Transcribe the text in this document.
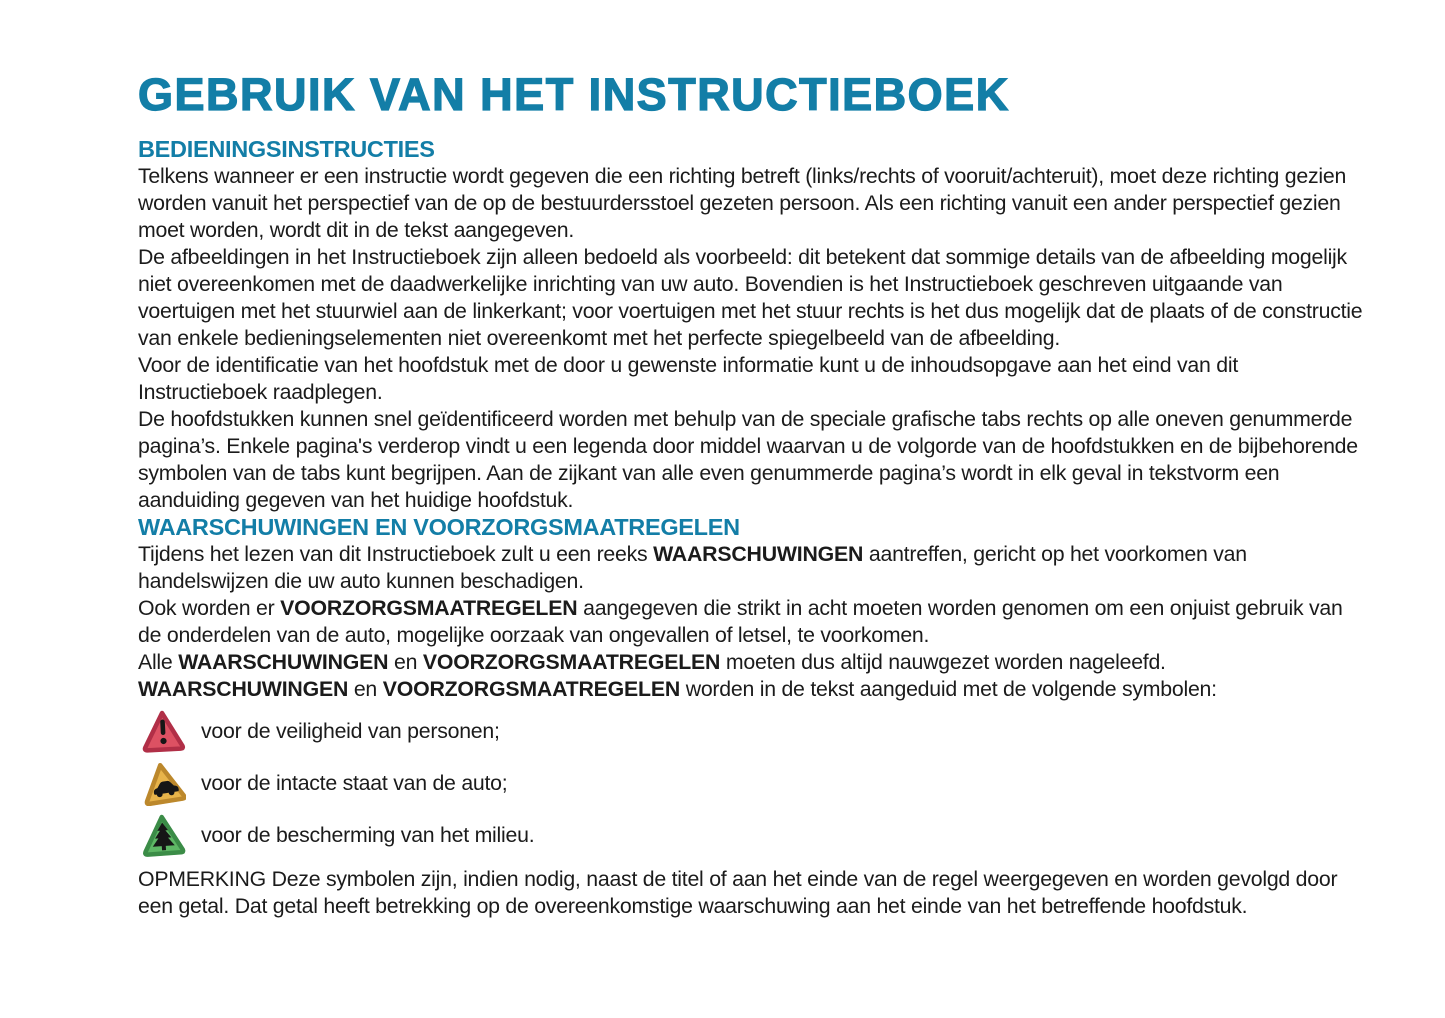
GEBRUIK VAN HET INSTRUCTIEBOEK
BEDIENINGSINSTRUCTIES

Telkens wanneer er een instructie wordt gegeven die een richting betreft (links/rechts of vooruit/achteruit), moet deze richting gezien worden vanuit het perspectief van de op de bestuurdersstoel gezeten persoon. Als een richting vanuit een ander perspectief gezien moet worden, wordt dit in de tekst aangegeven.

De afbeeldingen in het Instructieboek zijn alleen bedoeld als voorbeeld: dit betekent dat sommige details van de afbeelding mogelijk niet overeenkomen met de daadwerkelijke inrichting van uw auto. Bovendien is het Instructieboek geschreven uitgaande van voertuigen met het stuurwiel aan de linkerkant; voor voertuigen met het stuur rechts is het dus mogelijk dat de plaats of de constructie van enkele bedieningselementen niet overeenkomt met het perfecte spiegelbeeld van de afbeelding.

Voor de identificatie van het hoofdstuk met de door u gewenste informatie kunt u de inhoudsopgave aan het eind van dit Instructieboek raadplegen.

De hoofdstukken kunnen snel geïdentificeerd worden met behulp van de speciale grafische tabs rechts op alle oneven genummerde pagina’s. Enkele pagina's verderop vindt u een legenda door middel waarvan u de volgorde van de hoofdstukken en de bijbehorende symbolen van de tabs kunt begrijpen. Aan de zijkant van alle even genummerde pagina’s wordt in elk geval in tekstvorm een aanduiding gegeven van het huidige hoofdstuk.

WAARSCHUWINGEN EN VOORZORGSMAATREGELEN

Tijdens het lezen van dit Instructieboek zult u een reeks WAARSCHUWINGEN aantreffen, gericht op het voorkomen van handelswijzen die uw auto kunnen beschadigen.

Ook worden er VOORZORGSMAATREGELEN aangegeven die strikt in acht moeten worden genomen om een onjuist gebruik van de onderdelen van de auto, mogelijke oorzaak van ongevallen of letsel, te voorkomen.

Alle WAARSCHUWINGEN en VOORZORGSMAATREGELEN moeten dus altijd nauwgezet worden nageleefd.

WAARSCHUWINGEN en VOORZORGSMAATREGELEN worden in de tekst aangeduid met de volgende symbolen:

voor de veiligheid van personen;
voor de intacte staat van de auto;
voor de bescherming van het milieu.

OPMERKING Deze symbolen zijn, indien nodig, naast de titel of aan het einde van de regel weergegeven en worden gevolgd door een getal. Dat getal heeft betrekking op de overeenkomstige waarschuwing aan het einde van het betreffende hoofdstuk.
